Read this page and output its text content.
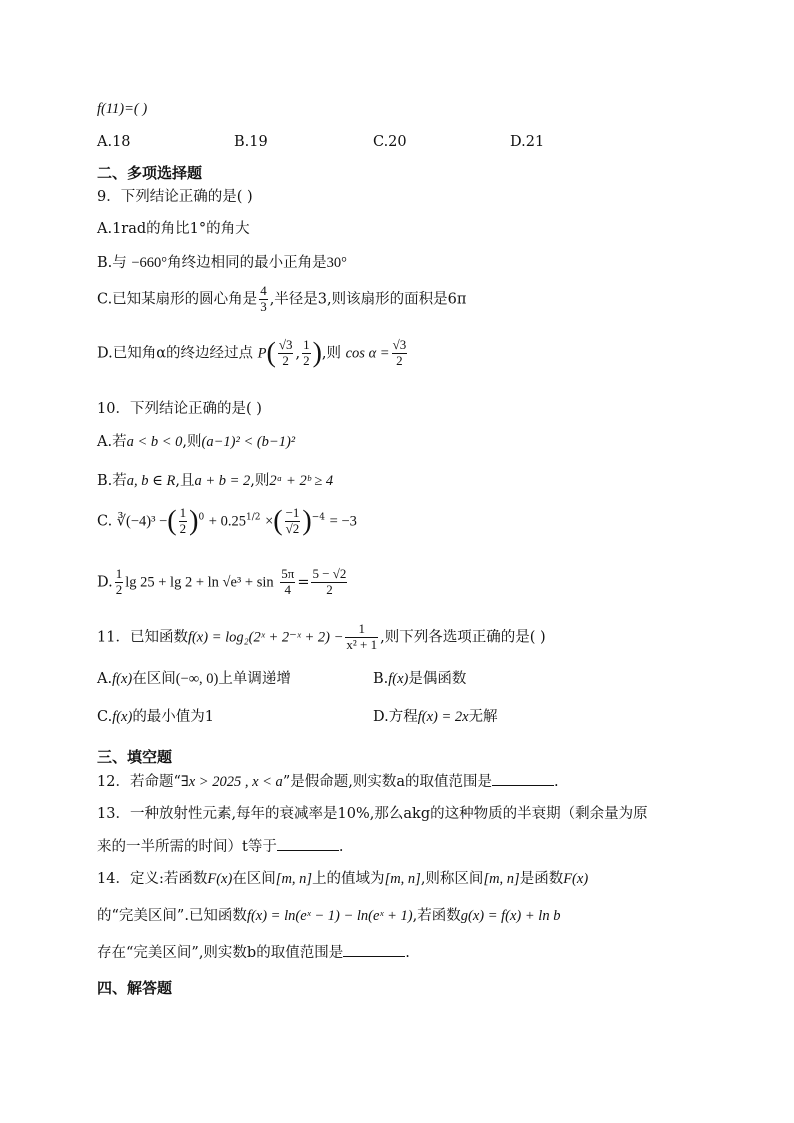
f(11)=( )
A.18	B.19	C.20	D.21
二、多项选择题
9．下列结论正确的是( )
A.1rad的角比1°的角大
B.与 −660°角终边相同的最小正角是30°
C.已知某扇形的圆心角是 $\frac{4}{3}$ ,半径是3,则该扇形的面积是6π
D.已知角α的终边经过点 $P( \frac{√3}{2}$ , $\frac{1}{2}$ ),则 $\cos \alpha = \frac{√3}{2}$
10．下列结论正确的是( )
A.若a < b < 0,则(a−1)² < (b−1)²
B.若a, b ∈ R,且a + b = 2,则2ᵃ + 2ᵇ ≥ 4
C. ∛(−4)³ −( $\frac{1}{2} )^0 + 0.25^{1/2}$ ×( $\frac{-1}{√2} )^{-4} = -3$
D. $\frac{1}{2}$ $\lg 25 + \lg 2 + \ln √e^3 + \sin \frac{5\pi}{4} = \frac{5 - √2}{2}$
11．已知函数f(x) = log₂(2ˣ + 2⁻ˣ + $2) - \frac{1}{\text{x² + 1}}$ ,则下列各选项正确的是( )
A.f(x)在区间(−∞, 0)上单调递增	B.f(x)是偶函数
C.f(x)的最小值为1	D.方程f(x) = 2x无解
三、填空题
12．若命题“∃x > 2025 , x < a”是假命题,则实数a的取值范围是	.
13．一种放射性元素,每年的衰减率是10%,那么akg的这种物质的半衰期（剩余量为原
来的一半所需的时间）t等于	.
14．定义:若函数F(x)在区间[m, n]上的值域为[m, n],则称区间[m, n]是函数F(x)
的“完美区间”.已知函数f(x) = ln(eˣ − 1) − ln(eˣ + 1),若函数g(x) = f(x) + ln b
存在“完美区间”,则实数b的取值范围是	.
四、解答题
